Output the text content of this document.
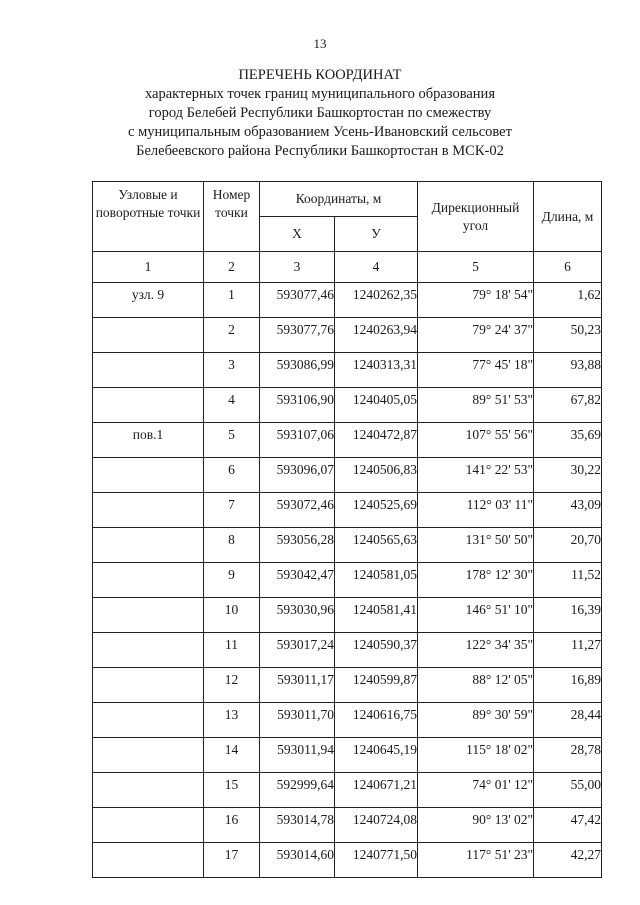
13
ПЕРЕЧЕНЬ КООРДИНАТ
характерных точек границ муниципального образования
город Белебей Республики Башкортостан по смежеству
с муниципальным образованием Усень-Ивановский сельсовет
Белебеевского района Республики Башкортостан в МСК-02
Узловые и поворотные точки	Номер точки	Координаты, м		Дирекционный угол	Длина, м
		Х	У		
1	2	3	4	5	6
узл. 9	1	593077,46	1240262,35	79° 18' 54"	1,62
	2	593077,76	1240263,94	79° 24' 37"	50,23
	3	593086,99	1240313,31	77° 45' 18"	93,88
	4	593106,90	1240405,05	89° 51' 53"	67,82
пов.1	5	593107,06	1240472,87	107° 55' 56"	35,69
	6	593096,07	1240506,83	141° 22' 53"	30,22
	7	593072,46	1240525,69	112° 03' 11"	43,09
	8	593056,28	1240565,63	131° 50' 50"	20,70
	9	593042,47	1240581,05	178° 12' 30"	11,52
	10	593030,96	1240581,41	146° 51' 10"	16,39
	11	593017,24	1240590,37	122° 34' 35"	11,27
	12	593011,17	1240599,87	88° 12' 05"	16,89
	13	593011,70	1240616,75	89° 30' 59"	28,44
	14	593011,94	1240645,19	115° 18' 02"	28,78
	15	592999,64	1240671,21	74° 01' 12"	55,00
	16	593014,78	1240724,08	90° 13' 02"	47,42
	17	593014,60	1240771,50	117° 51' 23"	42,27
